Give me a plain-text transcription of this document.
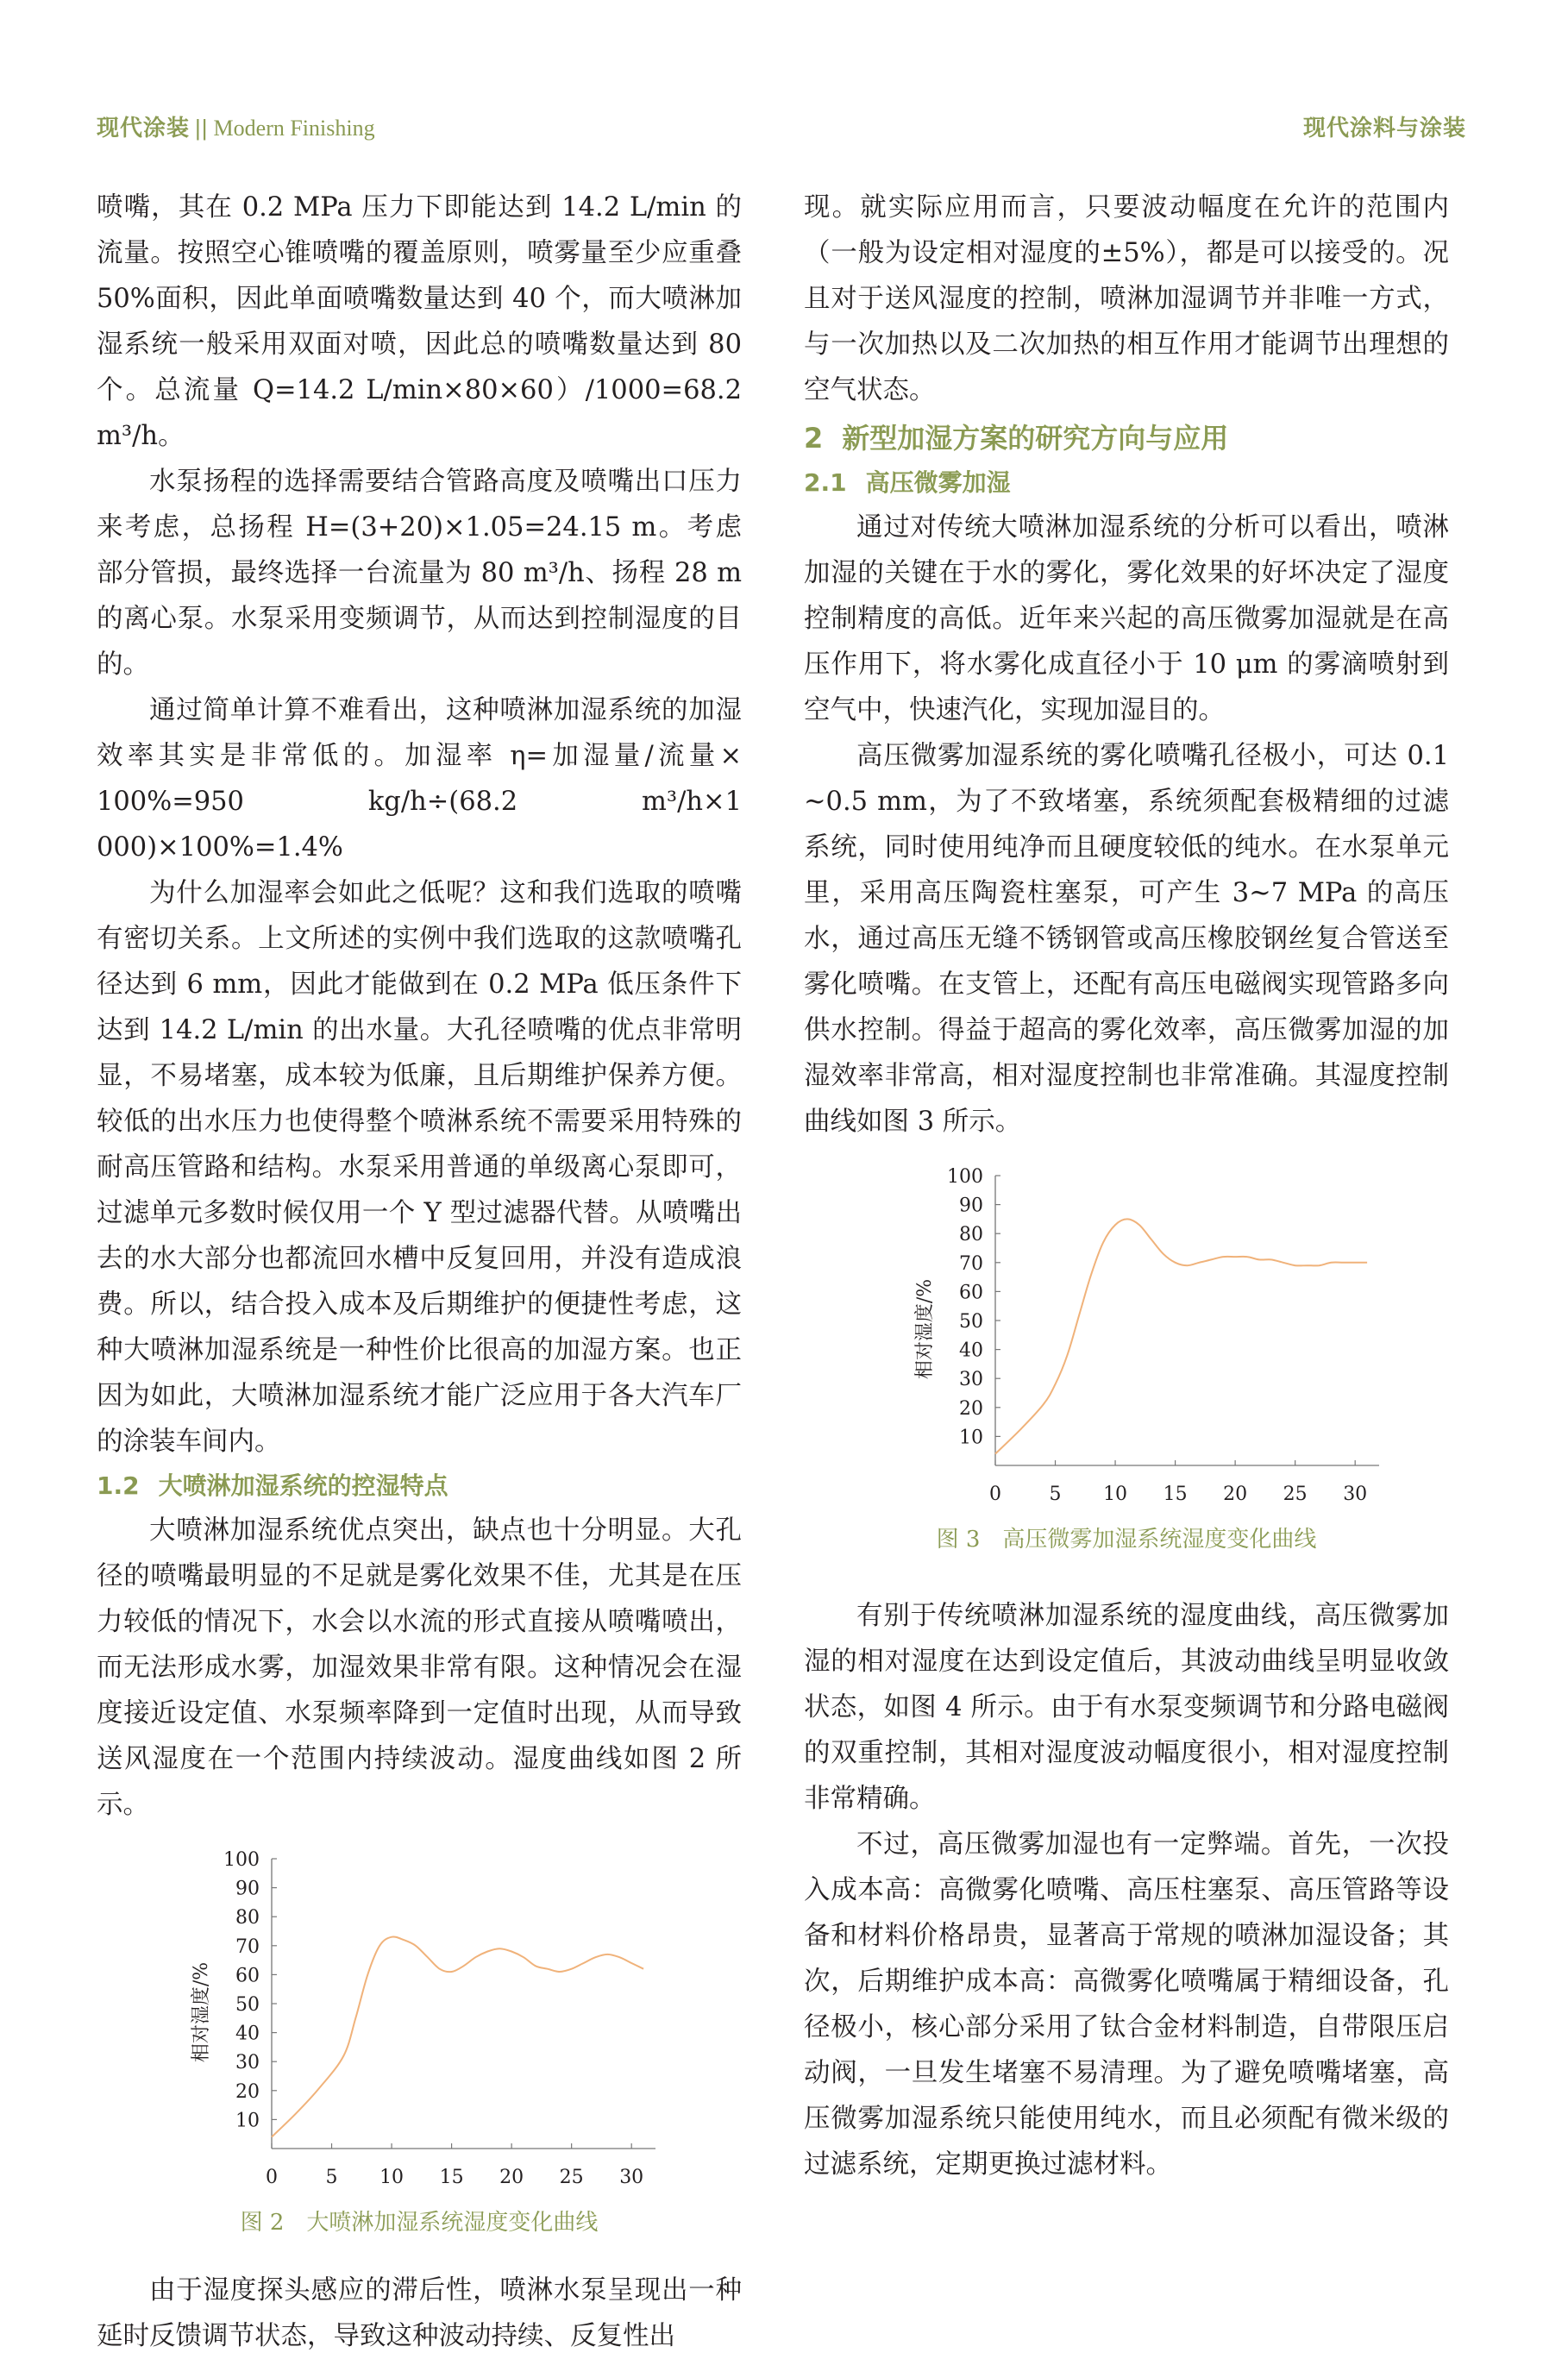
现代涂装 || Modern Finishing	现代涂料与涂装

喷嘴，其在 0.2 MPa 压力下即能达到 14.2 L/min 的流量。按照空心锥喷嘴的覆盖原则，喷雾量至少应重叠 50%面积，因此单面喷嘴数量达到 40 个，而大喷淋加湿系统一般采用双面对喷，因此总的喷嘴数量达到 80 个。总流量 Q=14.2 L/min×80×60）/1000=68.2 m³/h。

水泵扬程的选择需要结合管路高度及喷嘴出口压力来考虑，总扬程 H=(3+20)×1.05=24.15 m。考虑部分管损，最终选择一台流量为 80 m³/h、扬程 28 m 的离心泵。水泵采用变频调节，从而达到控制湿度的目的。

通过简单计算不难看出，这种喷淋加湿系统的加湿效率其实是非常低的。加湿率 η=加湿量/流量× 100%=950 kg/h÷(68.2 m³/h×1 000)×100%=1.4%

为什么加湿率会如此之低呢？这和我们选取的喷嘴有密切关系。上文所述的实例中我们选取的这款喷嘴孔径达到 6 mm，因此才能做到在 0.2 MPa 低压条件下达到 14.2 L/min 的出水量。大孔径喷嘴的优点非常明显，不易堵塞，成本较为低廉，且后期维护保养方便。较低的出水压力也使得整个喷淋系统不需要采用特殊的耐高压管路和结构。水泵采用普通的单级离心泵即可，过滤单元多数时候仅用一个 Y 型过滤器代替。从喷嘴出去的水大部分也都流回水槽中反复回用，并没有造成浪费。所以，结合投入成本及后期维护的便捷性考虑，这种大喷淋加湿系统是一种性价比很高的加湿方案。也正因为如此，大喷淋加湿系统才能广泛应用于各大汽车厂的涂装车间内。

1.2 大喷淋加湿系统的控湿特点

大喷淋加湿系统优点突出，缺点也十分明显。大孔径的喷嘴最明显的不足就是雾化效果不佳，尤其是在压力较低的情况下，水会以水流的形式直接从喷嘴喷出，而无法形成水雾，加湿效果非常有限。这种情况会在湿度接近设定值、水泵频率降到一定值时出现，从而导致送风湿度在一个范围内持续波动。湿度曲线如图 2 所示。

10
20
30
40
50
60
70
80
90
100
0	5 10 15 20 25 30
相对湿度/%
图 2　大喷淋加湿系统湿度变化曲线

由于湿度探头感应的滞后性，喷淋水泵呈现出一种延时反馈调节状态，导致这种波动持续、反复性出

现。就实际应用而言，只要波动幅度在允许的范围内（一般为设定相对湿度的±5%），都是可以接受的。况且对于送风湿度的控制，喷淋加湿调节并非唯一方式，与一次加热以及二次加热的相互作用才能调节出理想的空气状态。

2 新型加湿方案的研究方向与应用
2.1 高压微雾加湿

通过对传统大喷淋加湿系统的分析可以看出，喷淋加湿的关键在于水的雾化，雾化效果的好坏决定了湿度控制精度的高低。近年来兴起的高压微雾加湿就是在高压作用下，将水雾化成直径小于 10 μm 的雾滴喷射到空气中，快速汽化，实现加湿目的。

高压微雾加湿系统的雾化喷嘴孔径极小，可达 0.1 ~0.5 mm，为了不致堵塞，系统须配套极精细的过滤系统，同时使用纯净而且硬度较低的纯水。在水泵单元里，采用高压陶瓷柱塞泵，可产生 3~7 MPa 的高压水，通过高压无缝不锈钢管或高压橡胶钢丝复合管送至雾化喷嘴。在支管上，还配有高压电磁阀实现管路多向供水控制。得益于超高的雾化效率，高压微雾加湿的加湿效率非常高，相对湿度控制也非常准确。其湿度控制曲线如图 3 所示。

10
20
30
40
50
60
70
80
90
100
0	5 10 15 20 25 30
相对湿度/%
图 3　高压微雾加湿系统湿度变化曲线

有别于传统喷淋加湿系统的湿度曲线，高压微雾加湿的相对湿度在达到设定值后，其波动曲线呈明显收敛状态，如图 4 所示。由于有水泵变频调节和分路电磁阀的双重控制，其相对湿度波动幅度很小，相对湿度控制非常精确。

不过，高压微雾加湿也有一定弊端。首先，一次投入成本高：高微雾化喷嘴、高压柱塞泵、高压管路等设备和材料价格昂贵，显著高于常规的喷淋加湿设备；其次，后期维护成本高：高微雾化喷嘴属于精细设备，孔径极小，核心部分采用了钛合金材料制造，自带限压启动阀，一旦发生堵塞不易清理。为了避免喷嘴堵塞，高压微雾加湿系统只能使用纯水，而且必须配有微米级的过滤系统，定期更换过滤材料。
